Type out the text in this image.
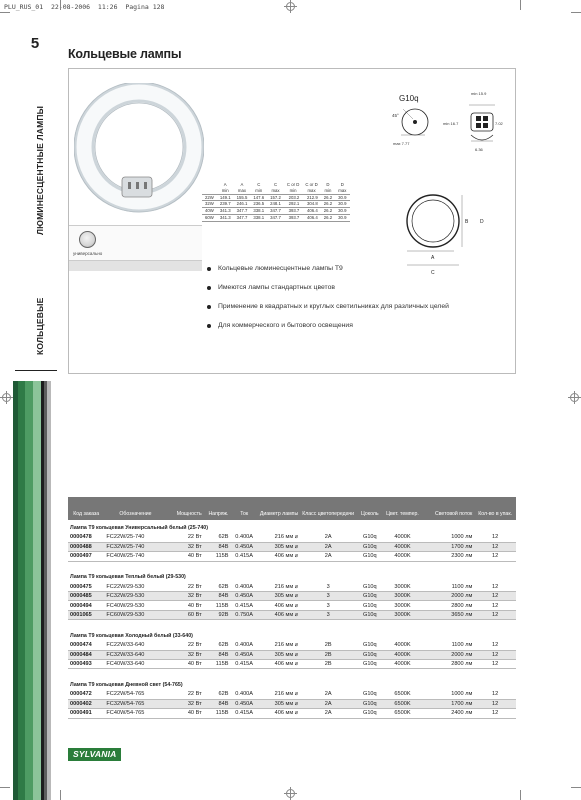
PLU_RUS_01  22-08-2006  11:26  Pagina 128
5
ЛЮМИНЕСЦЕНТНЫЕ ЛАМПЫ
КОЛЬЦЕВЫЕ
Кольцевые лампы
	A	A	C	C	C or D	C or D	D	D
	min	max	min	max	min	max	min	max
22W	149.1	155.5	147.6	157.2	203.2	212.9	26.2	30.9
32W	239.7	246.1	236.5	248.1	292.1	304.8	26.2	30.9
40W	341.3	347.7	338.1	347.7	393.7	406.4	26.2	30.9
60W	341.3	347.7	338.1	347.7	393.7	406.4	26.2	30.9
универсально
Кольцевые люминесцентные лампы T9
Имеются лампы стандартных цветов
Применение в квадратных и круглых светильниках для различных целей
Для коммерческого и бытового освещения
G10q
45°
max 7.77
min 15.9
min 16.7	7.02
6.36
B D
A
C
Код заказа	Обозначение	Мощность	Напряж.	Ток	Диаметр лампы	Класс цветопередачи	Цоколь	Цвет. темпер.	Световой поток	Кол-во в упак.
Лампа T9 кольцевая Универсальный белый (25-740)										
0000478	FC22W/25-740	22 Вт	62В	0.400A	216 мм ⌀	2A	G10q	4000K	1000 лм	12
0000488	FC32W/25-740	32 Вт	84В	0.450A	305 мм ⌀	2A	G10q	4000K	1700 лм	12
0000497	FC40W/25-740	40 Вт	115В	0.415A	406 мм ⌀	2A	G10q	4000K	2300 лм	12

Лампа T9 кольцевая Теплый белый (29-530)										
0000475	FC22W/29-530	22 Вт	62В	0.400A	216 мм ⌀	3	G10q	3000K	1100 лм	12
0000485	FC32W/29-530	32 Вт	84В	0.450A	305 мм ⌀	3	G10q	3000K	2000 лм	12
0000494	FC40W/29-530	40 Вт	115В	0.415A	406 мм ⌀	3	G10q	3000K	2800 лм	12
0001065	FC60W/29-530	60 Вт	92В	0.750A	406 мм ⌀	3	G10q	3000K	3650 лм	12

Лампа T9 кольцевая Холодный белый (33-640)										
0000474	FC22W/33-640	22 Вт	62В	0.400A	216 мм ⌀	2B	G10q	4000K	1100 лм	12
0000484	FC32W/33-640	32 Вт	84В	0.450A	305 мм ⌀	2B	G10q	4000K	2000 лм	12
0000493	FC40W/33-640	40 Вт	115В	0.415A	406 мм ⌀	2B	G10q	4000K	2800 лм	12

Лампа T9 кольцевая Дневной свет (54-765)										
0000472	FC22W/54-765	22 Вт	62В	0.400A	216 мм ⌀	2A	G10q	6500K	1000 лм	12
0000402	FC32W/54-765	32 Вт	84В	0.450A	305 мм ⌀	2A	G10q	6500K	1700 лм	12
0000491	FC40W/54-765	40 Вт	115В	0.415A	406 мм ⌀	2A	G10q	6500K	2400 лм	12
SYLVANIA
